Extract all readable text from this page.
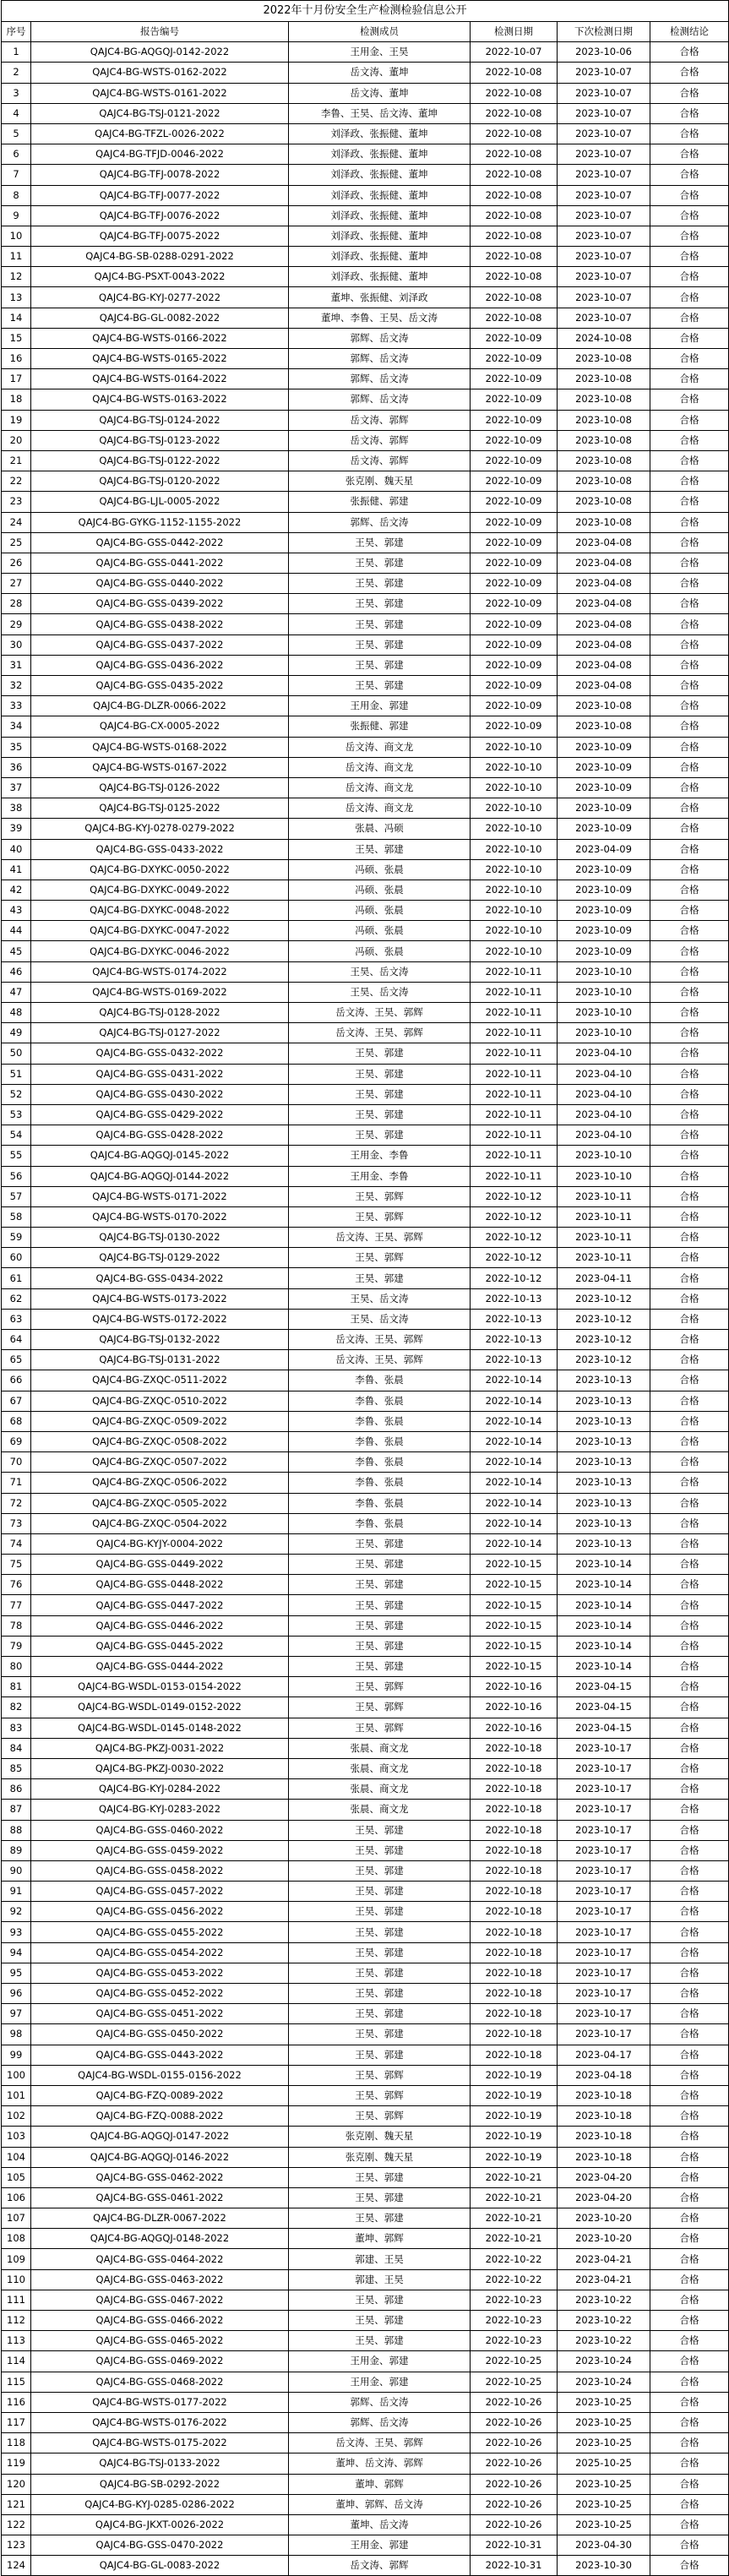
2022年十月份安全生产检测检验信息公开					
序号	报告编号	检测成员	检测日期	下次检测日期	检测结论
1	QAJC4-BG-AQGQJ-0142-2022	王用金、王昊	2022-10-07	2023-10-06	合格
2	QAJC4-BG-WSTS-0162-2022	岳文涛、董坤	2022-10-08	2023-10-07	合格
3	QAJC4-BG-WSTS-0161-2022	岳文涛、董坤	2022-10-08	2023-10-07	合格
4	QAJC4-BG-TSJ-0121-2022	李鲁、王昊、岳文涛、董坤	2022-10-08	2023-10-07	合格
5	QAJC4-BG-TFZL-0026-2022	刘泽政、张振健、董坤	2022-10-08	2023-10-07	合格
6	QAJC4-BG-TFJD-0046-2022	刘泽政、张振健、董坤	2022-10-08	2023-10-07	合格
7	QAJC4-BG-TFJ-0078-2022	刘泽政、张振健、董坤	2022-10-08	2023-10-07	合格
8	QAJC4-BG-TFJ-0077-2022	刘泽政、张振健、董坤	2022-10-08	2023-10-07	合格
9	QAJC4-BG-TFJ-0076-2022	刘泽政、张振健、董坤	2022-10-08	2023-10-07	合格
10	QAJC4-BG-TFJ-0075-2022	刘泽政、张振健、董坤	2022-10-08	2023-10-07	合格
11	QAJC4-BG-SB-0288-0291-2022	刘泽政、张振健、董坤	2022-10-08	2023-10-07	合格
12	QAJC4-BG-PSXT-0043-2022	刘泽政、张振健、董坤	2022-10-08	2023-10-07	合格
13	QAJC4-BG-KYJ-0277-2022	董坤、张振健、刘泽政	2022-10-08	2023-10-07	合格
14	QAJC4-BG-GL-0082-2022	董坤、李鲁、王昊、岳文涛	2022-10-08	2023-10-07	合格
15	QAJC4-BG-WSTS-0166-2022	郭辉、岳文涛	2022-10-09	2024-10-08	合格
16	QAJC4-BG-WSTS-0165-2022	郭辉、岳文涛	2022-10-09	2023-10-08	合格
17	QAJC4-BG-WSTS-0164-2022	郭辉、岳文涛	2022-10-09	2023-10-08	合格
18	QAJC4-BG-WSTS-0163-2022	郭辉、岳文涛	2022-10-09	2023-10-08	合格
19	QAJC4-BG-TSJ-0124-2022	岳文涛、郭辉	2022-10-09	2023-10-08	合格
20	QAJC4-BG-TSJ-0123-2022	岳文涛、郭辉	2022-10-09	2023-10-08	合格
21	QAJC4-BG-TSJ-0122-2022	岳文涛、郭辉	2022-10-09	2023-10-08	合格
22	QAJC4-BG-TSJ-0120-2022	张克刚、魏天星	2022-10-09	2023-10-08	合格
23	QAJC4-BG-LJL-0005-2022	张振健、郭建	2022-10-09	2023-10-08	合格
24	QAJC4-BG-GYKG-1152-1155-2022	郭辉、岳文涛	2022-10-09	2023-10-08	合格
25	QAJC4-BG-GSS-0442-2022	王昊、郭建	2022-10-09	2023-04-08	合格
26	QAJC4-BG-GSS-0441-2022	王昊、郭建	2022-10-09	2023-04-08	合格
27	QAJC4-BG-GSS-0440-2022	王昊、郭建	2022-10-09	2023-04-08	合格
28	QAJC4-BG-GSS-0439-2022	王昊、郭建	2022-10-09	2023-04-08	合格
29	QAJC4-BG-GSS-0438-2022	王昊、郭建	2022-10-09	2023-04-08	合格
30	QAJC4-BG-GSS-0437-2022	王昊、郭建	2022-10-09	2023-04-08	合格
31	QAJC4-BG-GSS-0436-2022	王昊、郭建	2022-10-09	2023-04-08	合格
32	QAJC4-BG-GSS-0435-2022	王昊、郭建	2022-10-09	2023-04-08	合格
33	QAJC4-BG-DLZR-0066-2022	王用金、郭建	2022-10-09	2023-10-08	合格
34	QAJC4-BG-CX-0005-2022	张振健、郭建	2022-10-09	2023-10-08	合格
35	QAJC4-BG-WSTS-0168-2022	岳文涛、商文龙	2022-10-10	2023-10-09	合格
36	QAJC4-BG-WSTS-0167-2022	岳文涛、商文龙	2022-10-10	2023-10-09	合格
37	QAJC4-BG-TSJ-0126-2022	岳文涛、商文龙	2022-10-10	2023-10-09	合格
38	QAJC4-BG-TSJ-0125-2022	岳文涛、商文龙	2022-10-10	2023-10-09	合格
39	QAJC4-BG-KYJ-0278-0279-2022	张晨、冯硕	2022-10-10	2023-10-09	合格
40	QAJC4-BG-GSS-0433-2022	王昊、郭建	2022-10-10	2023-04-09	合格
41	QAJC4-BG-DXYKC-0050-2022	冯硕、张晨	2022-10-10	2023-10-09	合格
42	QAJC4-BG-DXYKC-0049-2022	冯硕、张晨	2022-10-10	2023-10-09	合格
43	QAJC4-BG-DXYKC-0048-2022	冯硕、张晨	2022-10-10	2023-10-09	合格
44	QAJC4-BG-DXYKC-0047-2022	冯硕、张晨	2022-10-10	2023-10-09	合格
45	QAJC4-BG-DXYKC-0046-2022	冯硕、张晨	2022-10-10	2023-10-09	合格
46	QAJC4-BG-WSTS-0174-2022	王昊、岳文涛	2022-10-11	2023-10-10	合格
47	QAJC4-BG-WSTS-0169-2022	王昊、岳文涛	2022-10-11	2023-10-10	合格
48	QAJC4-BG-TSJ-0128-2022	岳文涛、王昊、郭辉	2022-10-11	2023-10-10	合格
49	QAJC4-BG-TSJ-0127-2022	岳文涛、王昊、郭辉	2022-10-11	2023-10-10	合格
50	QAJC4-BG-GSS-0432-2022	王昊、郭建	2022-10-11	2023-04-10	合格
51	QAJC4-BG-GSS-0431-2022	王昊、郭建	2022-10-11	2023-04-10	合格
52	QAJC4-BG-GSS-0430-2022	王昊、郭建	2022-10-11	2023-04-10	合格
53	QAJC4-BG-GSS-0429-2022	王昊、郭建	2022-10-11	2023-04-10	合格
54	QAJC4-BG-GSS-0428-2022	王昊、郭建	2022-10-11	2023-04-10	合格
55	QAJC4-BG-AQGQJ-0145-2022	王用金、李鲁	2022-10-11	2023-10-10	合格
56	QAJC4-BG-AQGQJ-0144-2022	王用金、李鲁	2022-10-11	2023-10-10	合格
57	QAJC4-BG-WSTS-0171-2022	王昊、郭辉	2022-10-12	2023-10-11	合格
58	QAJC4-BG-WSTS-0170-2022	王昊、郭辉	2022-10-12	2023-10-11	合格
59	QAJC4-BG-TSJ-0130-2022	岳文涛、王昊、郭辉	2022-10-12	2023-10-11	合格
60	QAJC4-BG-TSJ-0129-2022	王昊、郭辉	2022-10-12	2023-10-11	合格
61	QAJC4-BG-GSS-0434-2022	王昊、郭建	2022-10-12	2023-04-11	合格
62	QAJC4-BG-WSTS-0173-2022	王昊、岳文涛	2022-10-13	2023-10-12	合格
63	QAJC4-BG-WSTS-0172-2022	王昊、岳文涛	2022-10-13	2023-10-12	合格
64	QAJC4-BG-TSJ-0132-2022	岳文涛、王昊、郭辉	2022-10-13	2023-10-12	合格
65	QAJC4-BG-TSJ-0131-2022	岳文涛、王昊、郭辉	2022-10-13	2023-10-12	合格
66	QAJC4-BG-ZXQC-0511-2022	李鲁、张晨	2022-10-14	2023-10-13	合格
67	QAJC4-BG-ZXQC-0510-2022	李鲁、张晨	2022-10-14	2023-10-13	合格
68	QAJC4-BG-ZXQC-0509-2022	李鲁、张晨	2022-10-14	2023-10-13	合格
69	QAJC4-BG-ZXQC-0508-2022	李鲁、张晨	2022-10-14	2023-10-13	合格
70	QAJC4-BG-ZXQC-0507-2022	李鲁、张晨	2022-10-14	2023-10-13	合格
71	QAJC4-BG-ZXQC-0506-2022	李鲁、张晨	2022-10-14	2023-10-13	合格
72	QAJC4-BG-ZXQC-0505-2022	李鲁、张晨	2022-10-14	2023-10-13	合格
73	QAJC4-BG-ZXQC-0504-2022	李鲁、张晨	2022-10-14	2023-10-13	合格
74	QAJC4-BG-KYJY-0004-2022	王昊、郭建	2022-10-14	2023-10-13	合格
75	QAJC4-BG-GSS-0449-2022	王昊、郭建	2022-10-15	2023-10-14	合格
76	QAJC4-BG-GSS-0448-2022	王昊、郭建	2022-10-15	2023-10-14	合格
77	QAJC4-BG-GSS-0447-2022	王昊、郭建	2022-10-15	2023-10-14	合格
78	QAJC4-BG-GSS-0446-2022	王昊、郭建	2022-10-15	2023-10-14	合格
79	QAJC4-BG-GSS-0445-2022	王昊、郭建	2022-10-15	2023-10-14	合格
80	QAJC4-BG-GSS-0444-2022	王昊、郭建	2022-10-15	2023-10-14	合格
81	QAJC4-BG-WSDL-0153-0154-2022	王昊、郭辉	2022-10-16	2023-04-15	合格
82	QAJC4-BG-WSDL-0149-0152-2022	王昊、郭辉	2022-10-16	2023-04-15	合格
83	QAJC4-BG-WSDL-0145-0148-2022	王昊、郭辉	2022-10-16	2023-04-15	合格
84	QAJC4-BG-PKZJ-0031-2022	张晨、商文龙	2022-10-18	2023-10-17	合格
85	QAJC4-BG-PKZJ-0030-2022	张晨、商文龙	2022-10-18	2023-10-17	合格
86	QAJC4-BG-KYJ-0284-2022	张晨、商文龙	2022-10-18	2023-10-17	合格
87	QAJC4-BG-KYJ-0283-2022	张晨、商文龙	2022-10-18	2023-10-17	合格
88	QAJC4-BG-GSS-0460-2022	王昊、郭建	2022-10-18	2023-10-17	合格
89	QAJC4-BG-GSS-0459-2022	王昊、郭建	2022-10-18	2023-10-17	合格
90	QAJC4-BG-GSS-0458-2022	王昊、郭建	2022-10-18	2023-10-17	合格
91	QAJC4-BG-GSS-0457-2022	王昊、郭建	2022-10-18	2023-10-17	合格
92	QAJC4-BG-GSS-0456-2022	王昊、郭建	2022-10-18	2023-10-17	合格
93	QAJC4-BG-GSS-0455-2022	王昊、郭建	2022-10-18	2023-10-17	合格
94	QAJC4-BG-GSS-0454-2022	王昊、郭建	2022-10-18	2023-10-17	合格
95	QAJC4-BG-GSS-0453-2022	王昊、郭建	2022-10-18	2023-10-17	合格
96	QAJC4-BG-GSS-0452-2022	王昊、郭建	2022-10-18	2023-10-17	合格
97	QAJC4-BG-GSS-0451-2022	王昊、郭建	2022-10-18	2023-10-17	合格
98	QAJC4-BG-GSS-0450-2022	王昊、郭建	2022-10-18	2023-10-17	合格
99	QAJC4-BG-GSS-0443-2022	王昊、郭建	2022-10-18	2023-04-17	合格
100	QAJC4-BG-WSDL-0155-0156-2022	王昊、郭辉	2022-10-19	2023-04-18	合格
101	QAJC4-BG-FZQ-0089-2022	王昊、郭辉	2022-10-19	2023-10-18	合格
102	QAJC4-BG-FZQ-0088-2022	王昊、郭辉	2022-10-19	2023-10-18	合格
103	QAJC4-BG-AQGQJ-0147-2022	张克刚、魏天星	2022-10-19	2023-10-18	合格
104	QAJC4-BG-AQGQJ-0146-2022	张克刚、魏天星	2022-10-19	2023-10-18	合格
105	QAJC4-BG-GSS-0462-2022	王昊、郭建	2022-10-21	2023-04-20	合格
106	QAJC4-BG-GSS-0461-2022	王昊、郭建	2022-10-21	2023-04-20	合格
107	QAJC4-BG-DLZR-0067-2022	王昊、郭建	2022-10-21	2023-10-20	合格
108	QAJC4-BG-AQGQJ-0148-2022	董坤、郭辉	2022-10-21	2023-10-20	合格
109	QAJC4-BG-GSS-0464-2022	郭建、王昊	2022-10-22	2023-04-21	合格
110	QAJC4-BG-GSS-0463-2022	郭建、王昊	2022-10-22	2023-04-21	合格
111	QAJC4-BG-GSS-0467-2022	王昊、郭建	2022-10-23	2023-10-22	合格
112	QAJC4-BG-GSS-0466-2022	王昊、郭建	2022-10-23	2023-10-22	合格
113	QAJC4-BG-GSS-0465-2022	王昊、郭建	2022-10-23	2023-10-22	合格
114	QAJC4-BG-GSS-0469-2022	王用金、郭建	2022-10-25	2023-10-24	合格
115	QAJC4-BG-GSS-0468-2022	王用金、郭建	2022-10-25	2023-10-24	合格
116	QAJC4-BG-WSTS-0177-2022	郭辉、岳文涛	2022-10-26	2023-10-25	合格
117	QAJC4-BG-WSTS-0176-2022	郭辉、岳文涛	2022-10-26	2023-10-25	合格
118	QAJC4-BG-WSTS-0175-2022	岳文涛、王昊、郭辉	2022-10-26	2023-10-25	合格
119	QAJC4-BG-TSJ-0133-2022	董坤、岳文涛、郭辉	2022-10-26	2025-10-25	合格
120	QAJC4-BG-SB-0292-2022	董坤、郭辉	2022-10-26	2023-10-25	合格
121	QAJC4-BG-KYJ-0285-0286-2022	董坤、郭辉、岳文涛	2022-10-26	2023-10-25	合格
122	QAJC4-BG-JKXT-0026-2022	董坤、岳文涛	2022-10-26	2023-10-25	合格
123	QAJC4-BG-GSS-0470-2022	王用金、郭建	2022-10-31	2023-04-30	合格
124	QAJC4-BG-GL-0083-2022	岳文涛、郭辉	2022-10-31	2023-10-30	合格
